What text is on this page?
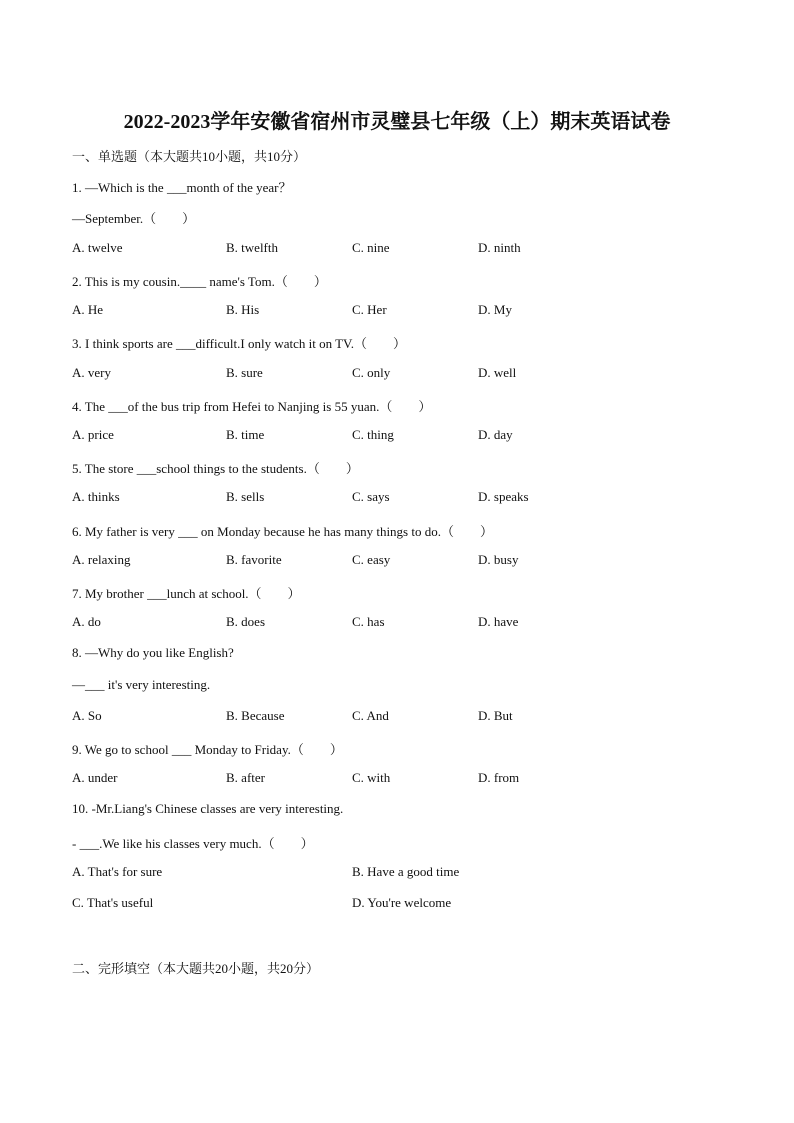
2022-2023学年安徽省宿州市灵璧县七年级（上）期末英语试卷
一、单选题（本大题共10小题，共10分）
1. —Which is the ___month of the year？
—September.（　　）
A. twelve	B. twelfth	C. nine	D. ninth
2. This is my cousin.____ name's Tom.（　　）
A. He	B. His	C. Her	D. My
3. I think sports are ___difficult.I only watch it on TV.（　　）
A. very	B. sure	C. only	D. well
4. The ___of the bus trip from Hefei to Nanjing is 55 yuan.（　　）
A. price	B. time	C. thing	D. day
5. The store ___school things to the students.（　　）
A. thinks	B. sells	C. says	D. speaks
6. My father is very ___ on Monday because he has many things to do.（　　）
A. relaxing	B. favorite	C. easy	D. busy
7. My brother ___lunch at school.（　　）
A. do	B. does	C. has	D. have
8. —Why do you like English?
—___ it's very interesting.
A. So	B. Because	C. And	D. But
9. We go to school ___ Monday to Friday.（　　）
A. under	B. after	C. with	D. from
10. -Mr.Liang's Chinese classes are very interesting.
- ___.We like his classes very much.（　　）
A. That's for sure	B. Have a good time
C. That's useful	D. You're welcome
二、完形填空（本大题共20小题，共20分）
